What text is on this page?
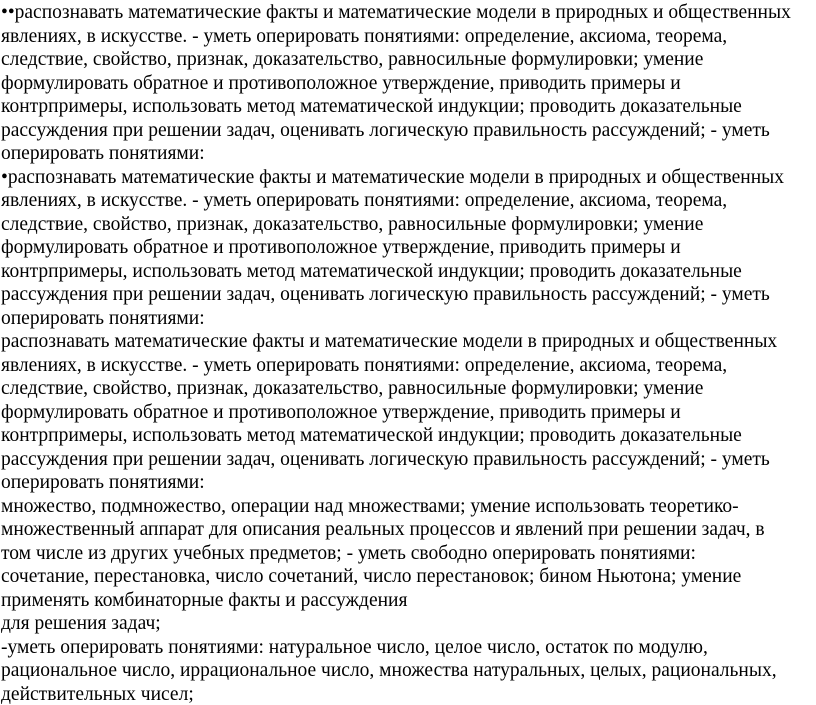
••распознавать математические факты и математические модели в природных и общественных
явлениях, в искусстве. - уметь оперировать понятиями: определение, аксиома, теорема,
следствие, свойство, признак, доказательство, равносильные формулировки; умение
формулировать обратное и противоположное утверждение, приводить примеры и
контрпримеры, использовать метод математической индукции; проводить доказательные
рассуждения при решении задач, оценивать логическую правильность рассуждений; - уметь
оперировать понятиями:
•распознавать математические факты и математические модели в природных и общественных
явлениях, в искусстве. - уметь оперировать понятиями: определение, аксиома, теорема,
следствие, свойство, признак, доказательство, равносильные формулировки; умение
формулировать обратное и противоположное утверждение, приводить примеры и
контрпримеры, использовать метод математической индукции; проводить доказательные
рассуждения при решении задач, оценивать логическую правильность рассуждений; - уметь
оперировать понятиями:
распознавать математические факты и математические модели в природных и общественных
явлениях, в искусстве. - уметь оперировать понятиями: определение, аксиома, теорема,
следствие, свойство, признак, доказательство, равносильные формулировки; умение
формулировать обратное и противоположное утверждение, приводить примеры и
контрпримеры, использовать метод математической индукции; проводить доказательные
рассуждения при решении задач, оценивать логическую правильность рассуждений; - уметь
оперировать понятиями:
множество, подмножество, операции над множествами; умение использовать теоретико-
множественный аппарат для описания реальных процессов и явлений при решении задач, в
том числе из других учебных предметов; - уметь свободно оперировать понятиями:
сочетание, перестановка, число сочетаний, число перестановок; бином Ньютона; умение
применять комбинаторные факты и рассуждения
для решения задач;
-уметь оперировать понятиями: натуральное число, целое число, остаток по модулю,
рациональное число, иррациональное число, множества натуральных, целых, рациональных,
действительных чисел;
